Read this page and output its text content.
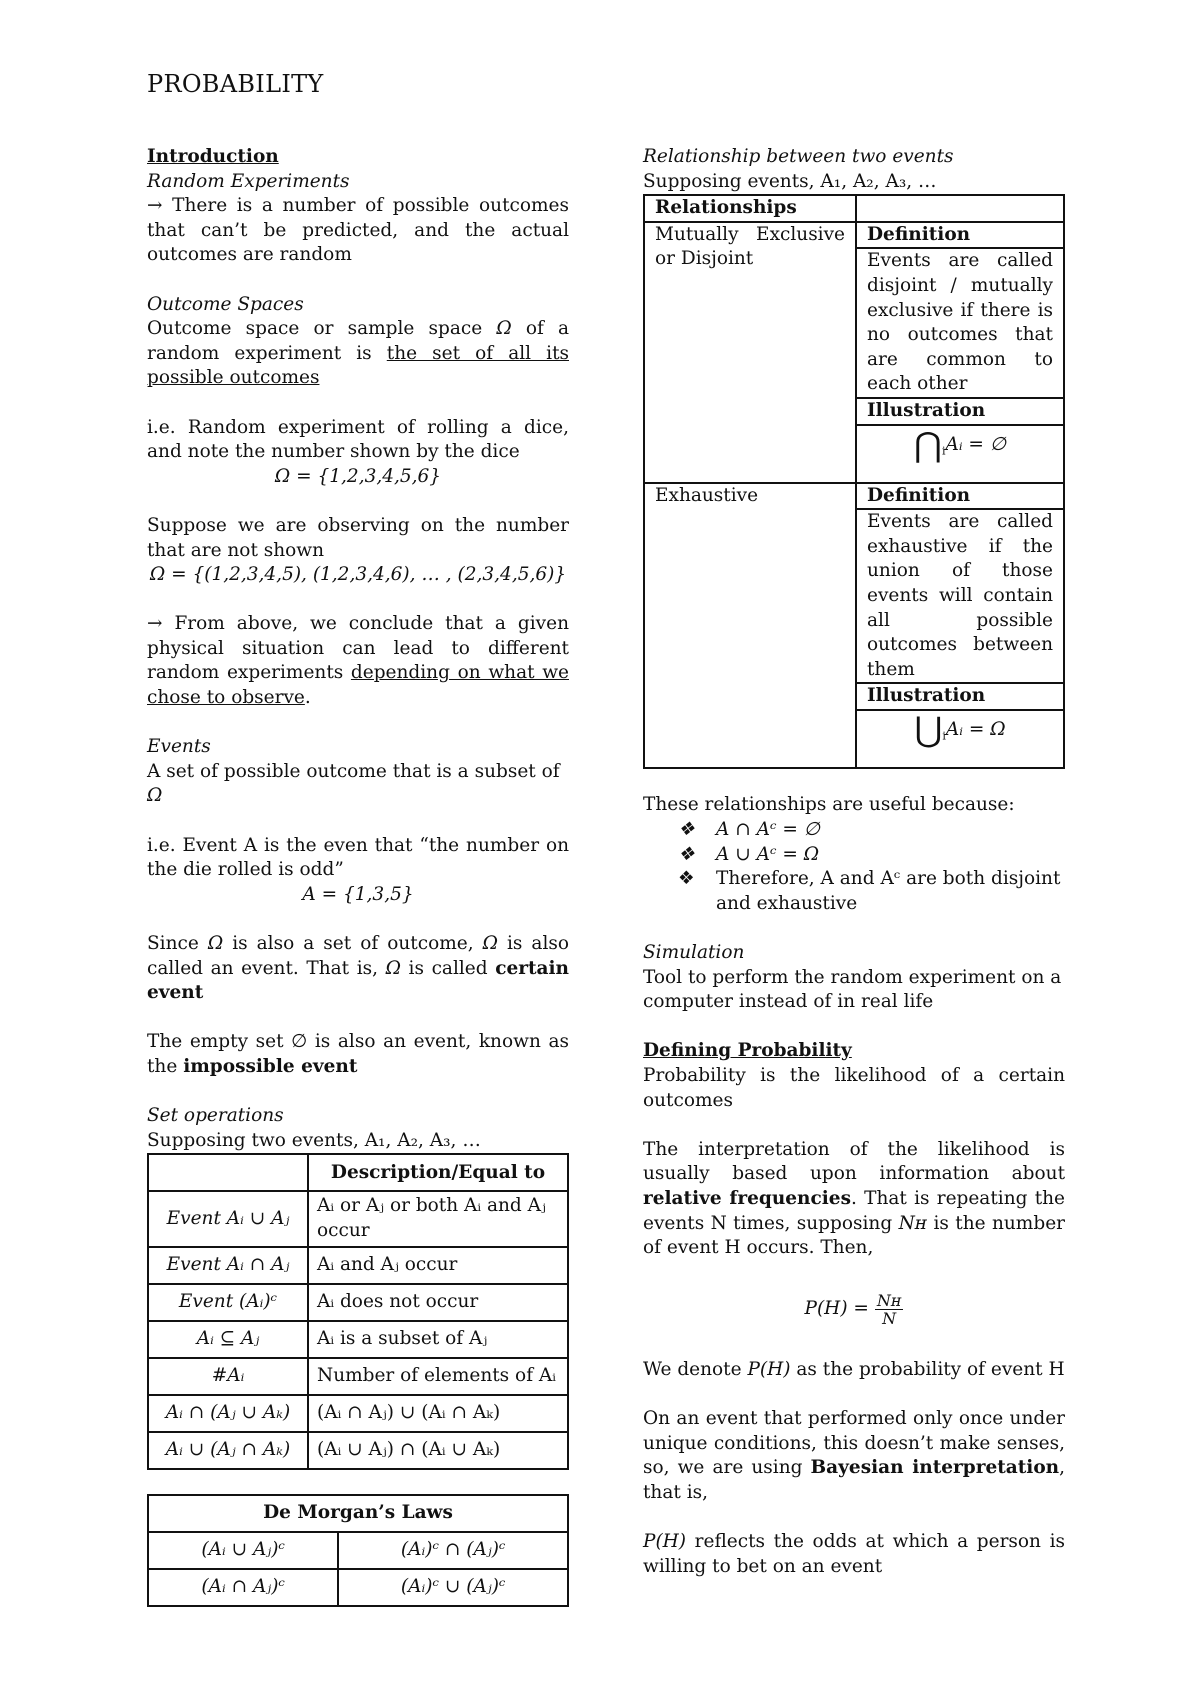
PROBABILITY

Introduction

Random Experiments

→ There is a number of possible outcomes that can’t be predicted, and the actual outcomes are random

Outcome Spaces

Outcome space or sample space Ω of a random experiment is the set of all its possible outcomes

i.e. Random experiment of rolling a dice, and note the number shown by the dice

Ω = {1,2,3,4,5,6}

Suppose we are observing on the number that are not shown

Ω = {(1,2,3,4,5), (1,2,3,4,6), … , (2,3,4,5,6)}

→ From above, we conclude that a given physical situation can lead to different random experiments depending on what we chose to observe.

Events

A set of possible outcome that is a subset of Ω

i.e. Event A is the even that “the number on the die rolled is odd”

A = {1,3,5}

Since Ω is also a set of outcome, Ω is also called an event. That is, Ω is called certain event

The empty set ∅ is also an event, known as the impossible event

Set operations

Supposing two events, A₁, A₂, A₃, …

	Description/Equal to
Event Aᵢ ∪ Aⱼ	Aᵢ or Aⱼ or both Aᵢ and Aⱼ occur
Event Aᵢ ∩ Aⱼ	Aᵢ and Aⱼ occur
Event (Aᵢ)ᶜ	Aᵢ does not occur
Aᵢ ⊆ Aⱼ	Aᵢ is a subset of Aⱼ
#Aᵢ	Number of elements of Aᵢ
Aᵢ ∩ (Aⱼ ∪ Aₖ)	(Aᵢ ∩ Aⱼ) ∪ (Aᵢ ∩ Aₖ)
Aᵢ ∪ (Aⱼ ∩ Aₖ)	(Aᵢ ∪ Aⱼ) ∩ (Aᵢ ∪ Aₖ)
De Morgan’s Laws	
(Aᵢ ∪ Aⱼ)ᶜ	(Aᵢ)ᶜ ∩ (Aⱼ)ᶜ
(Aᵢ ∩ Aⱼ)ᶜ	(Aᵢ)ᶜ ∪ (Aⱼ)ᶜ

Relationship between two events

Supposing events, A₁, A₂, A₃, …

Relationships	
Mutually Exclusive or Disjoint	Definition
Events are called disjoint / mutually exclusive if there is no outcomes that are common to each other
Illustration
$⋂_iAᵢ$ = ∅

Exhaustive	Definition
Events are called exhaustive if the union of those events will contain all possible outcomes between them
Illustration
$⋃_iAᵢ = \Omega$

These relationships are useful because:

❖ A ∩ Aᶜ = ∅
❖ A ∪ Aᶜ = Ω
❖ Therefore, A and Aᶜ are both disjoint and exhaustive

Simulation

Tool to perform the random experiment on a computer instead of in real life

Defining Probability

Probability is the likelihood of a certain outcomes

The interpretation of the likelihood is usually based upon information about relative frequencies. That is repeating the events N times, supposing Nʜ is the number of event H occurs. Then,

$P(H) = \frac{\text{Nʜ}}{N}$

We denote P(H) as the probability of event H

On an event that performed only once under unique conditions, this doesn’t make senses, so, we are using Bayesian interpretation, that is,

P(H) reflects the odds at which a person is willing to bet on an event
